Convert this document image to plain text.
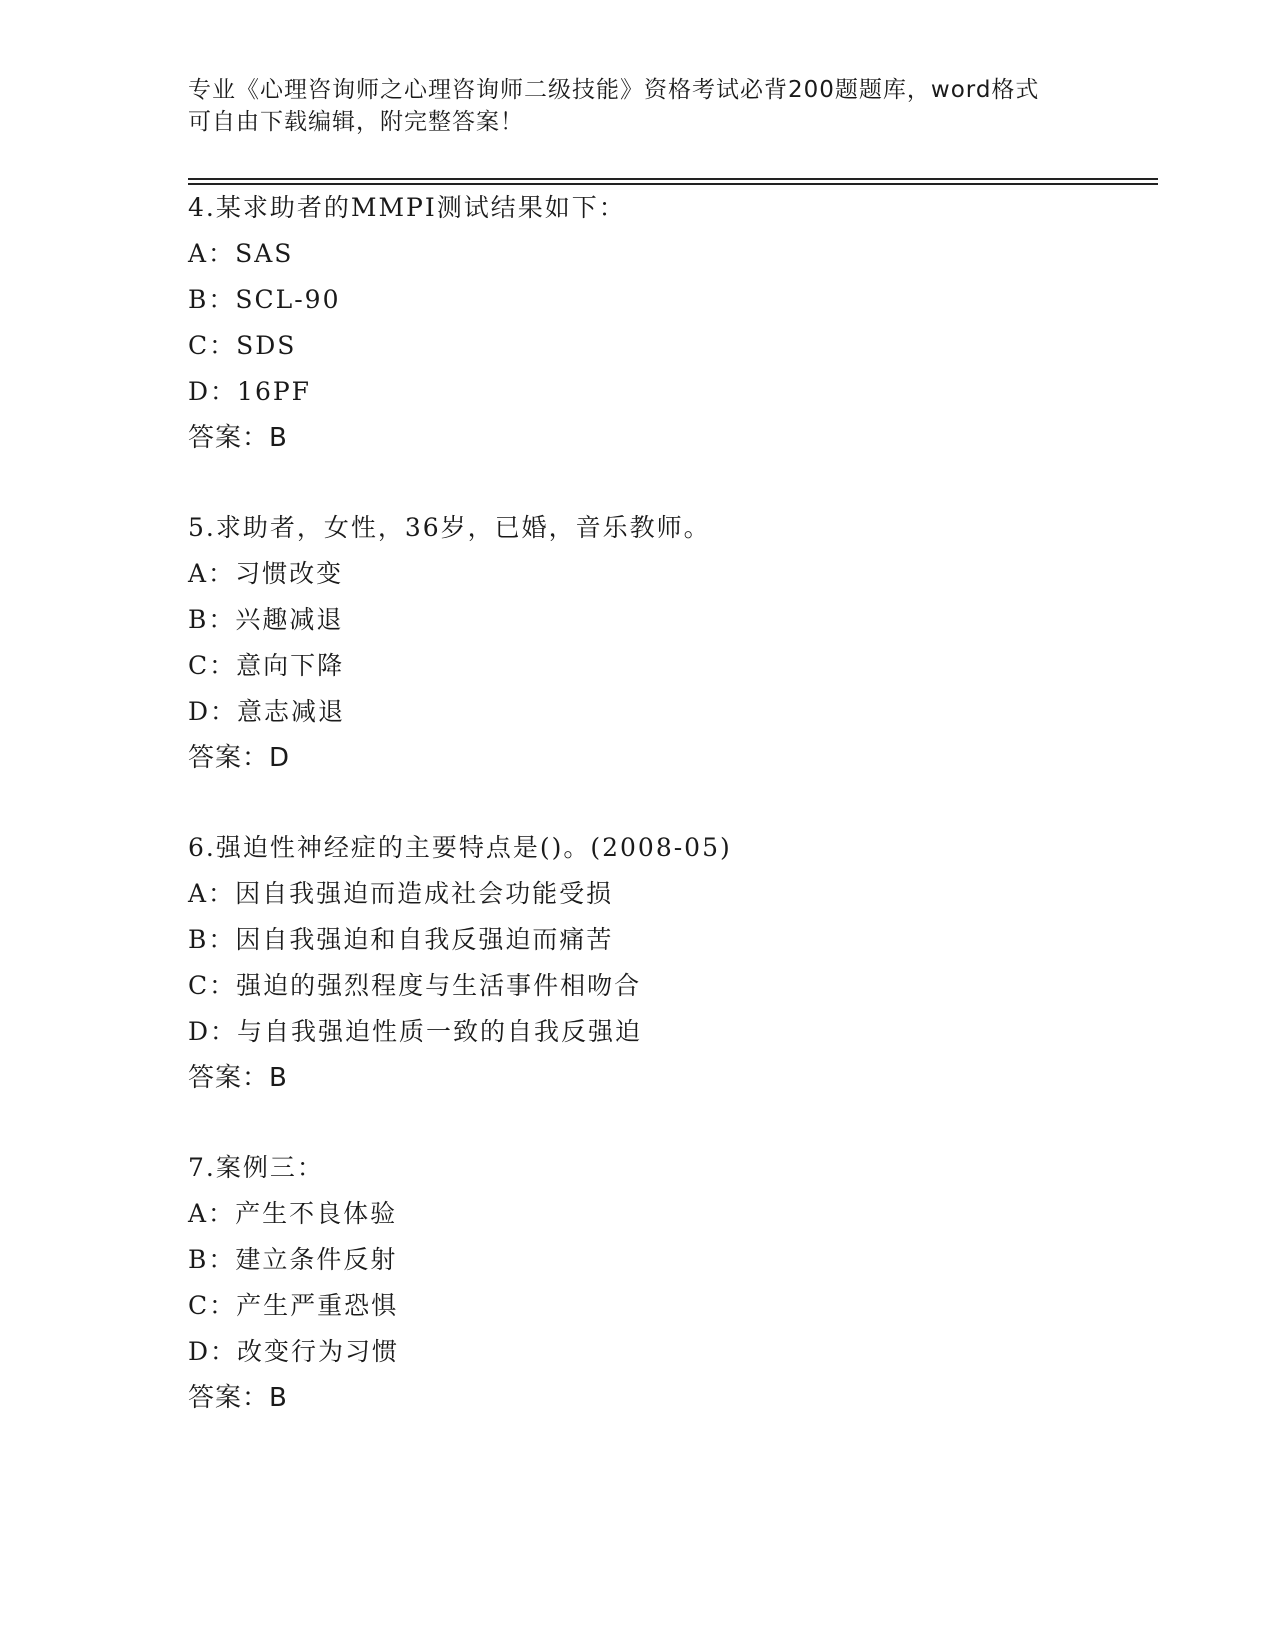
专业《心理咨询师之心理咨询师二级技能》资格考试必背200题题库，word格式
可自由下载编辑，附完整答案！
4.某求助者的MMPI测试结果如下：
A：SAS
B：SCL-90
C：SDS
D：16PF
答案：B
5.求助者，女性，36岁，已婚，音乐教师。
A：习惯改变
B：兴趣减退
C：意向下降
D：意志减退
答案：D
6.强迫性神经症的主要特点是()。(2008-05)
A：因自我强迫而造成社会功能受损
B：因自我强迫和自我反强迫而痛苦
C：强迫的强烈程度与生活事件相吻合
D：与自我强迫性质一致的自我反强迫
答案：B
7.案例三：
A：产生不良体验
B：建立条件反射
C：产生严重恐惧
D：改变行为习惯
答案：B
